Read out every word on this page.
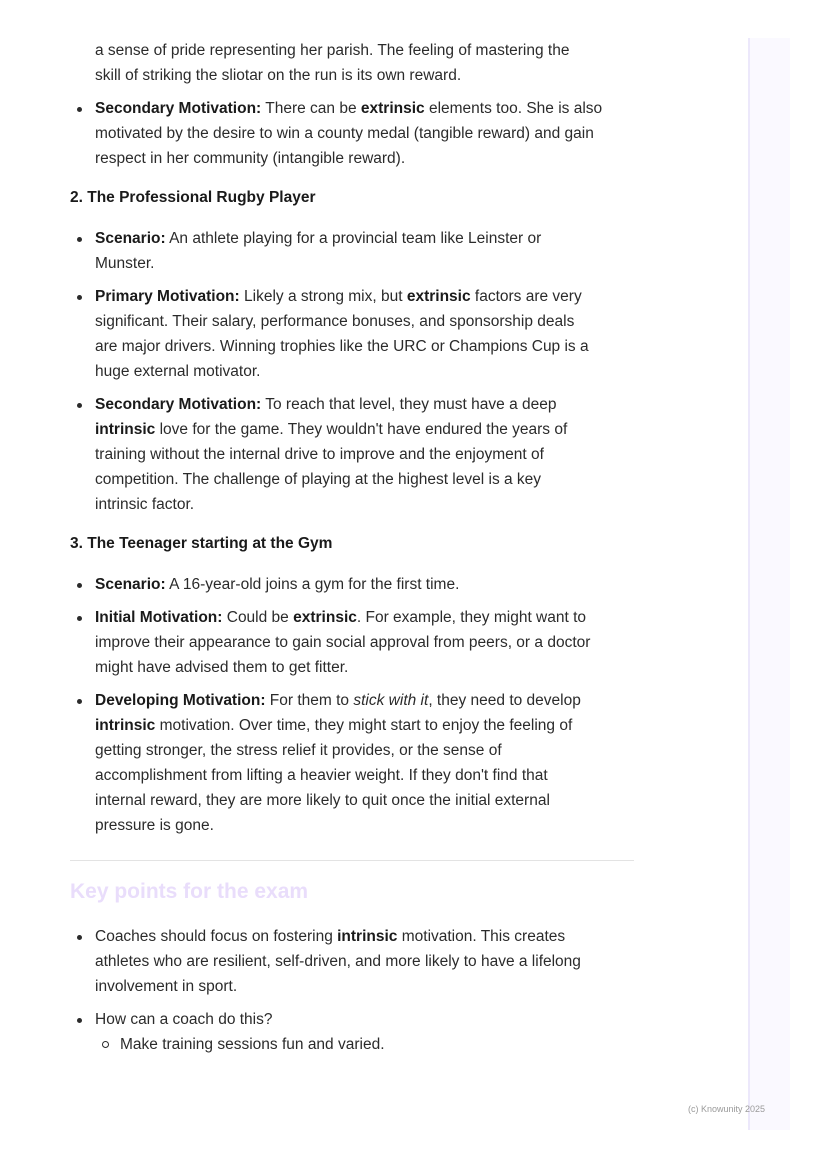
a sense of pride representing her parish. The feeling of mastering the
skill of striking the sliotar on the run is its own reward.
Secondary Motivation: There can be extrinsic elements too. She is also
motivated by the desire to win a county medal (tangible reward) and gain
respect in her community (intangible reward).
2. The Professional Rugby Player
Scenario: An athlete playing for a provincial team like Leinster or
Munster.
Primary Motivation: Likely a strong mix, but extrinsic factors are very
significant. Their salary, performance bonuses, and sponsorship deals
are major drivers. Winning trophies like the URC or Champions Cup is a
huge external motivator.
Secondary Motivation: To reach that level, they must have a deep
intrinsic love for the game. They wouldn't have endured the years of
training without the internal drive to improve and the enjoyment of
competition. The challenge of playing at the highest level is a key
intrinsic factor.
3. The Teenager starting at the Gym
Scenario: A 16-year-old joins a gym for the first time.
Initial Motivation: Could be extrinsic. For example, they might want to
improve their appearance to gain social approval from peers, or a doctor
might have advised them to get fitter.
Developing Motivation: For them to stick with it, they need to develop
intrinsic motivation. Over time, they might start to enjoy the feeling of
getting stronger, the stress relief it provides, or the sense of
accomplishment from lifting a heavier weight. If they don't find that
internal reward, they are more likely to quit once the initial external
pressure is gone.
Key points for the exam
Coaches should focus on fostering intrinsic motivation. This creates
athletes who are resilient, self-driven, and more likely to have a lifelong
involvement in sport.
How can a coach do this?
Make training sessions fun and varied.
(c) Knowunity 2025
